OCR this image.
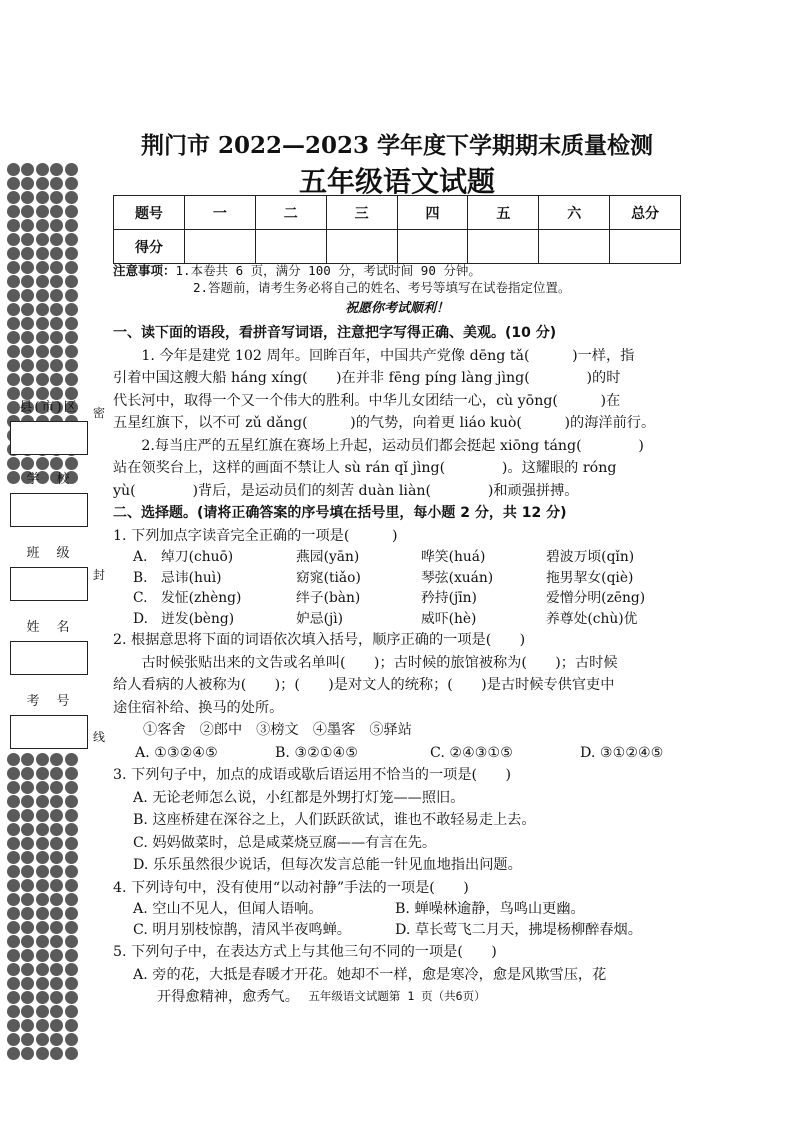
县(市)区
学　校
班　级
姓　名
考　号
密
封
线
荆门市 2022—2023 学年度下学期期末质量检测
五年级语文试题
题号	一	二	三	四	五	六	总分
得分							
注意事项：1.本卷共 6 页，满分 100 分，考试时间 90 分钟。
2.答题前，请考生务必将自己的姓名、考号等填写在试卷指定位置。
祝愿你考试顺利！

一、读下面的语段，看拼音写词语，注意把字写得正确、美观。(10 分)

1. 今年是建党 102 周年。回眸百年，中国共产党像 dēng tǎ(　　　)一样，指

引着中国这艘大船 háng xíng(　　)在并非 fēng píng làng jìng(　　　　)的时

代长河中，取得一个又一个伟大的胜利。中华儿女团结一心，cù yōng(　　　)在

五星红旗下，以不可 zǔ dǎng(　　　)的气势，向着更 liáo kuò(　　　)的海洋前行。

2.每当庄严的五星红旗在赛场上升起，运动员们都会挺起 xiōng táng(　　　　)

站在领奖台上，这样的画面不禁让人 sù rán qǐ jìng(　　　　)。这耀眼的 róng

yù(　　　　)背后，是运动员们的刻苦 duàn liàn(　　　　)和顽强拼搏。

二、选择题。(请将正确答案的序号填在括号里，每小题 2 分，共 12 分)

1. 下列加点字读音完全正确的一项是(　　　)

A. 绰刀(chuō)	燕园(yān)	哗笑(huá)	碧波万顷(qǐn)
B. 忌讳(huì)	窈窕(tiǎo)	琴弦(xuán)	拖男挈女(qiè)
C. 发怔(zhèng)	绊子(bàn)	矜持(jīn)	爱憎分明(zēng)
D. 迸发(bèng)	妒忌(jì)	威吓(hè)	养尊处(chù)优

2. 根据意思将下面的词语依次填入括号，顺序正确的一项是(　　)

古时候张贴出来的文告或名单叫(　　)；古时候的旅馆被称为(　　)；古时候

给人看病的人被称为(　　)；(　　)是对文人的统称；(　　)是古时候专供官吏中

途住宿补给、换马的处所。

①客舍 ②郎中 ③榜文 ④墨客 ⑤驿站
A. ①③②④⑤	B. ③②①④⑤	C. ②④③①⑤	D. ③①②④⑤

3. 下列句子中，加点的成语或歇后语运用不恰当的一项是(　　)

A. 无论老师怎么说，小红都是外甥打灯笼——照旧。

B. 这座桥建在深谷之上，人们跃跃欲试，谁也不敢轻易走上去。

C. 妈妈做菜时，总是咸菜烧豆腐——有言在先。

D. 乐乐虽然很少说话，但每次发言总能一针见血地指出问题。

4. 下列诗句中，没有使用“以动衬静”手法的一项是(　　)

A. 空山不见人，但闻人语响。	B. 蝉噪林逾静，鸟鸣山更幽。
C. 明月别枝惊鹊，清风半夜鸣蝉。	D. 草长莺飞二月天，拂堤杨柳醉春烟。

5. 下列句子中，在表达方式上与其他三句不同的一项是(　　)

A. 旁的花，大抵是春暖才开花。她却不一样，愈是寒冷，愈是风欺雪压，花

开得愈精神，愈秀气。 五年级语文试题第 1 页（共6页）
